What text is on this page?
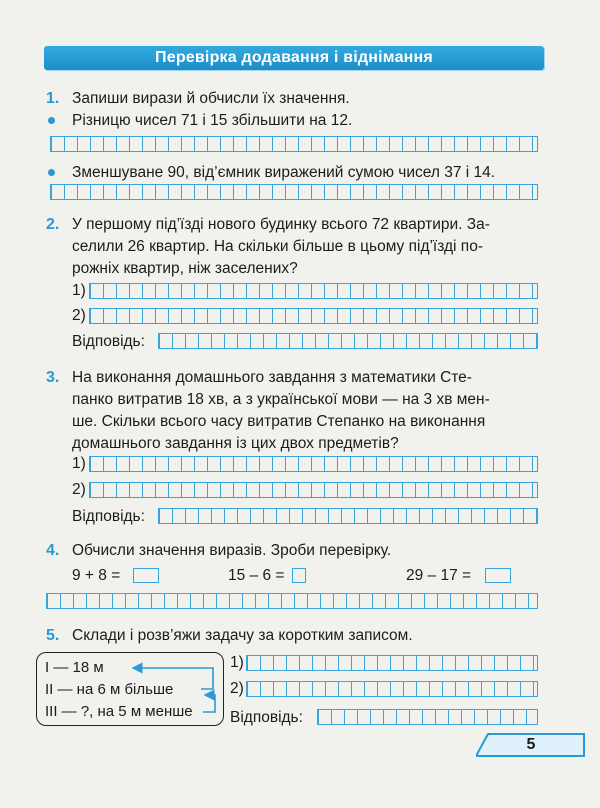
Перевірка додавання і віднімання
1. Запиши вирази й обчисли їх значення.
Різницю чисел 71 і 15 збільшити на 12.
Зменшуване 90, від’ємник виражений сумою чисел 37 і 14.
2. У першому під’їзді нового будинку всього 72 квартири. За-
селили 26 квартир. На скільки більше в цьому під’їзді по-
рожніх квартир, ніж заселених?
1)
2)
Відповідь:
3. На виконання домашнього завдання з математики Сте-
панко витратив 18 хв, а з української мови — на 3 хв мен-
ше. Скільки всього часу витратив Степанко на виконання
домашнього завдання із цих двох предметів?
1)
2)
Відповідь:
4. Обчисли значення виразів. Зроби перевірку.
9 + 8 =	15 – 6 =	29 – 17 =
5. Склади і розв’яжи задачу за коротким записом.
І — 18 м
ІІ — на 6 м більше
ІІІ — ?, на 5 м менше
1)
2)
Відповідь:
5
